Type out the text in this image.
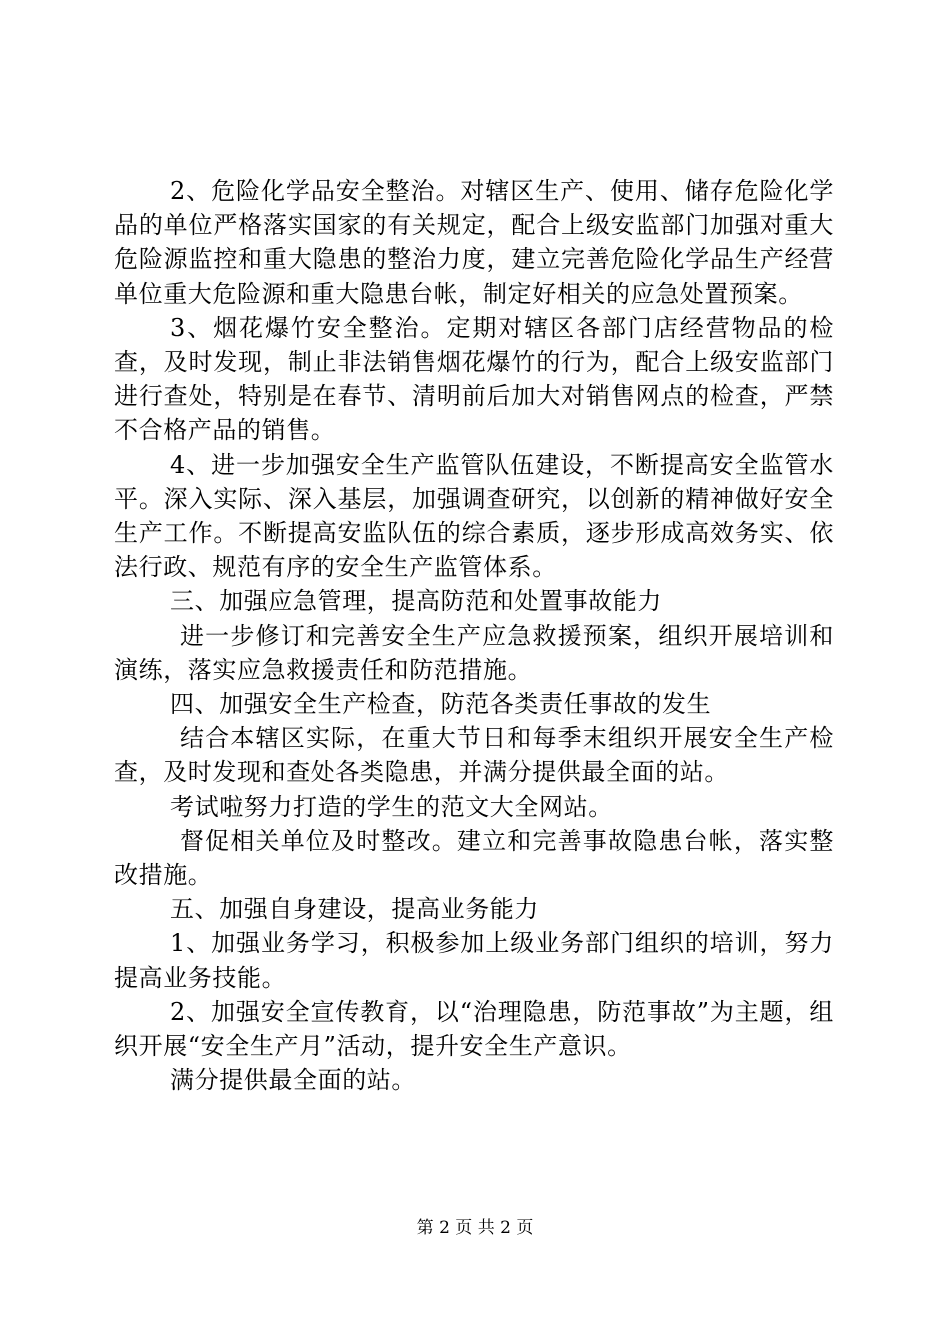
2、危险化学品安全整治。对辖区生产、使用、储存危险化学品的单位严格落实国家的有关规定，配合上级安监部门加强对重大危险源监控和重大隐患的整治力度，建立完善危险化学品生产经营单位重大危险源和重大隐患台帐，制定好相关的应急处置预案。

3、烟花爆竹安全整治。定期对辖区各部门店经营物品的检查，及时发现，制止非法销售烟花爆竹的行为，配合上级安监部门进行查处，特别是在春节、清明前后加大对销售网点的检查，严禁不合格产品的销售。

4、进一步加强安全生产监管队伍建设，不断提高安全监管水平。深入实际、深入基层，加强调查研究，以创新的精神做好安全生产工作。不断提高安监队伍的综合素质，逐步形成高效务实、依法行政、规范有序的安全生产监管体系。

三、加强应急管理，提高防范和处置事故能力

进一步修订和完善安全生产应急救援预案，组织开展培训和演练，落实应急救援责任和防范措施。

四、加强安全生产检查，防范各类责任事故的发生

结合本辖区实际，在重大节日和每季末组织开展安全生产检查，及时发现和查处各类隐患，并满分提供最全面的站。

考试啦努力打造的学生的范文大全网站。

督促相关单位及时整改。建立和完善事故隐患台帐，落实整改措施。

五、加强自身建设，提高业务能力

1、加强业务学习，积极参加上级业务部门组织的培训，努力提高业务技能。

2、加强安全宣传教育，以“治理隐患，防范事故”为主题，组织开展“安全生产月”活动，提升安全生产意识。

满分提供最全面的站。

第 2 页 共 2 页
